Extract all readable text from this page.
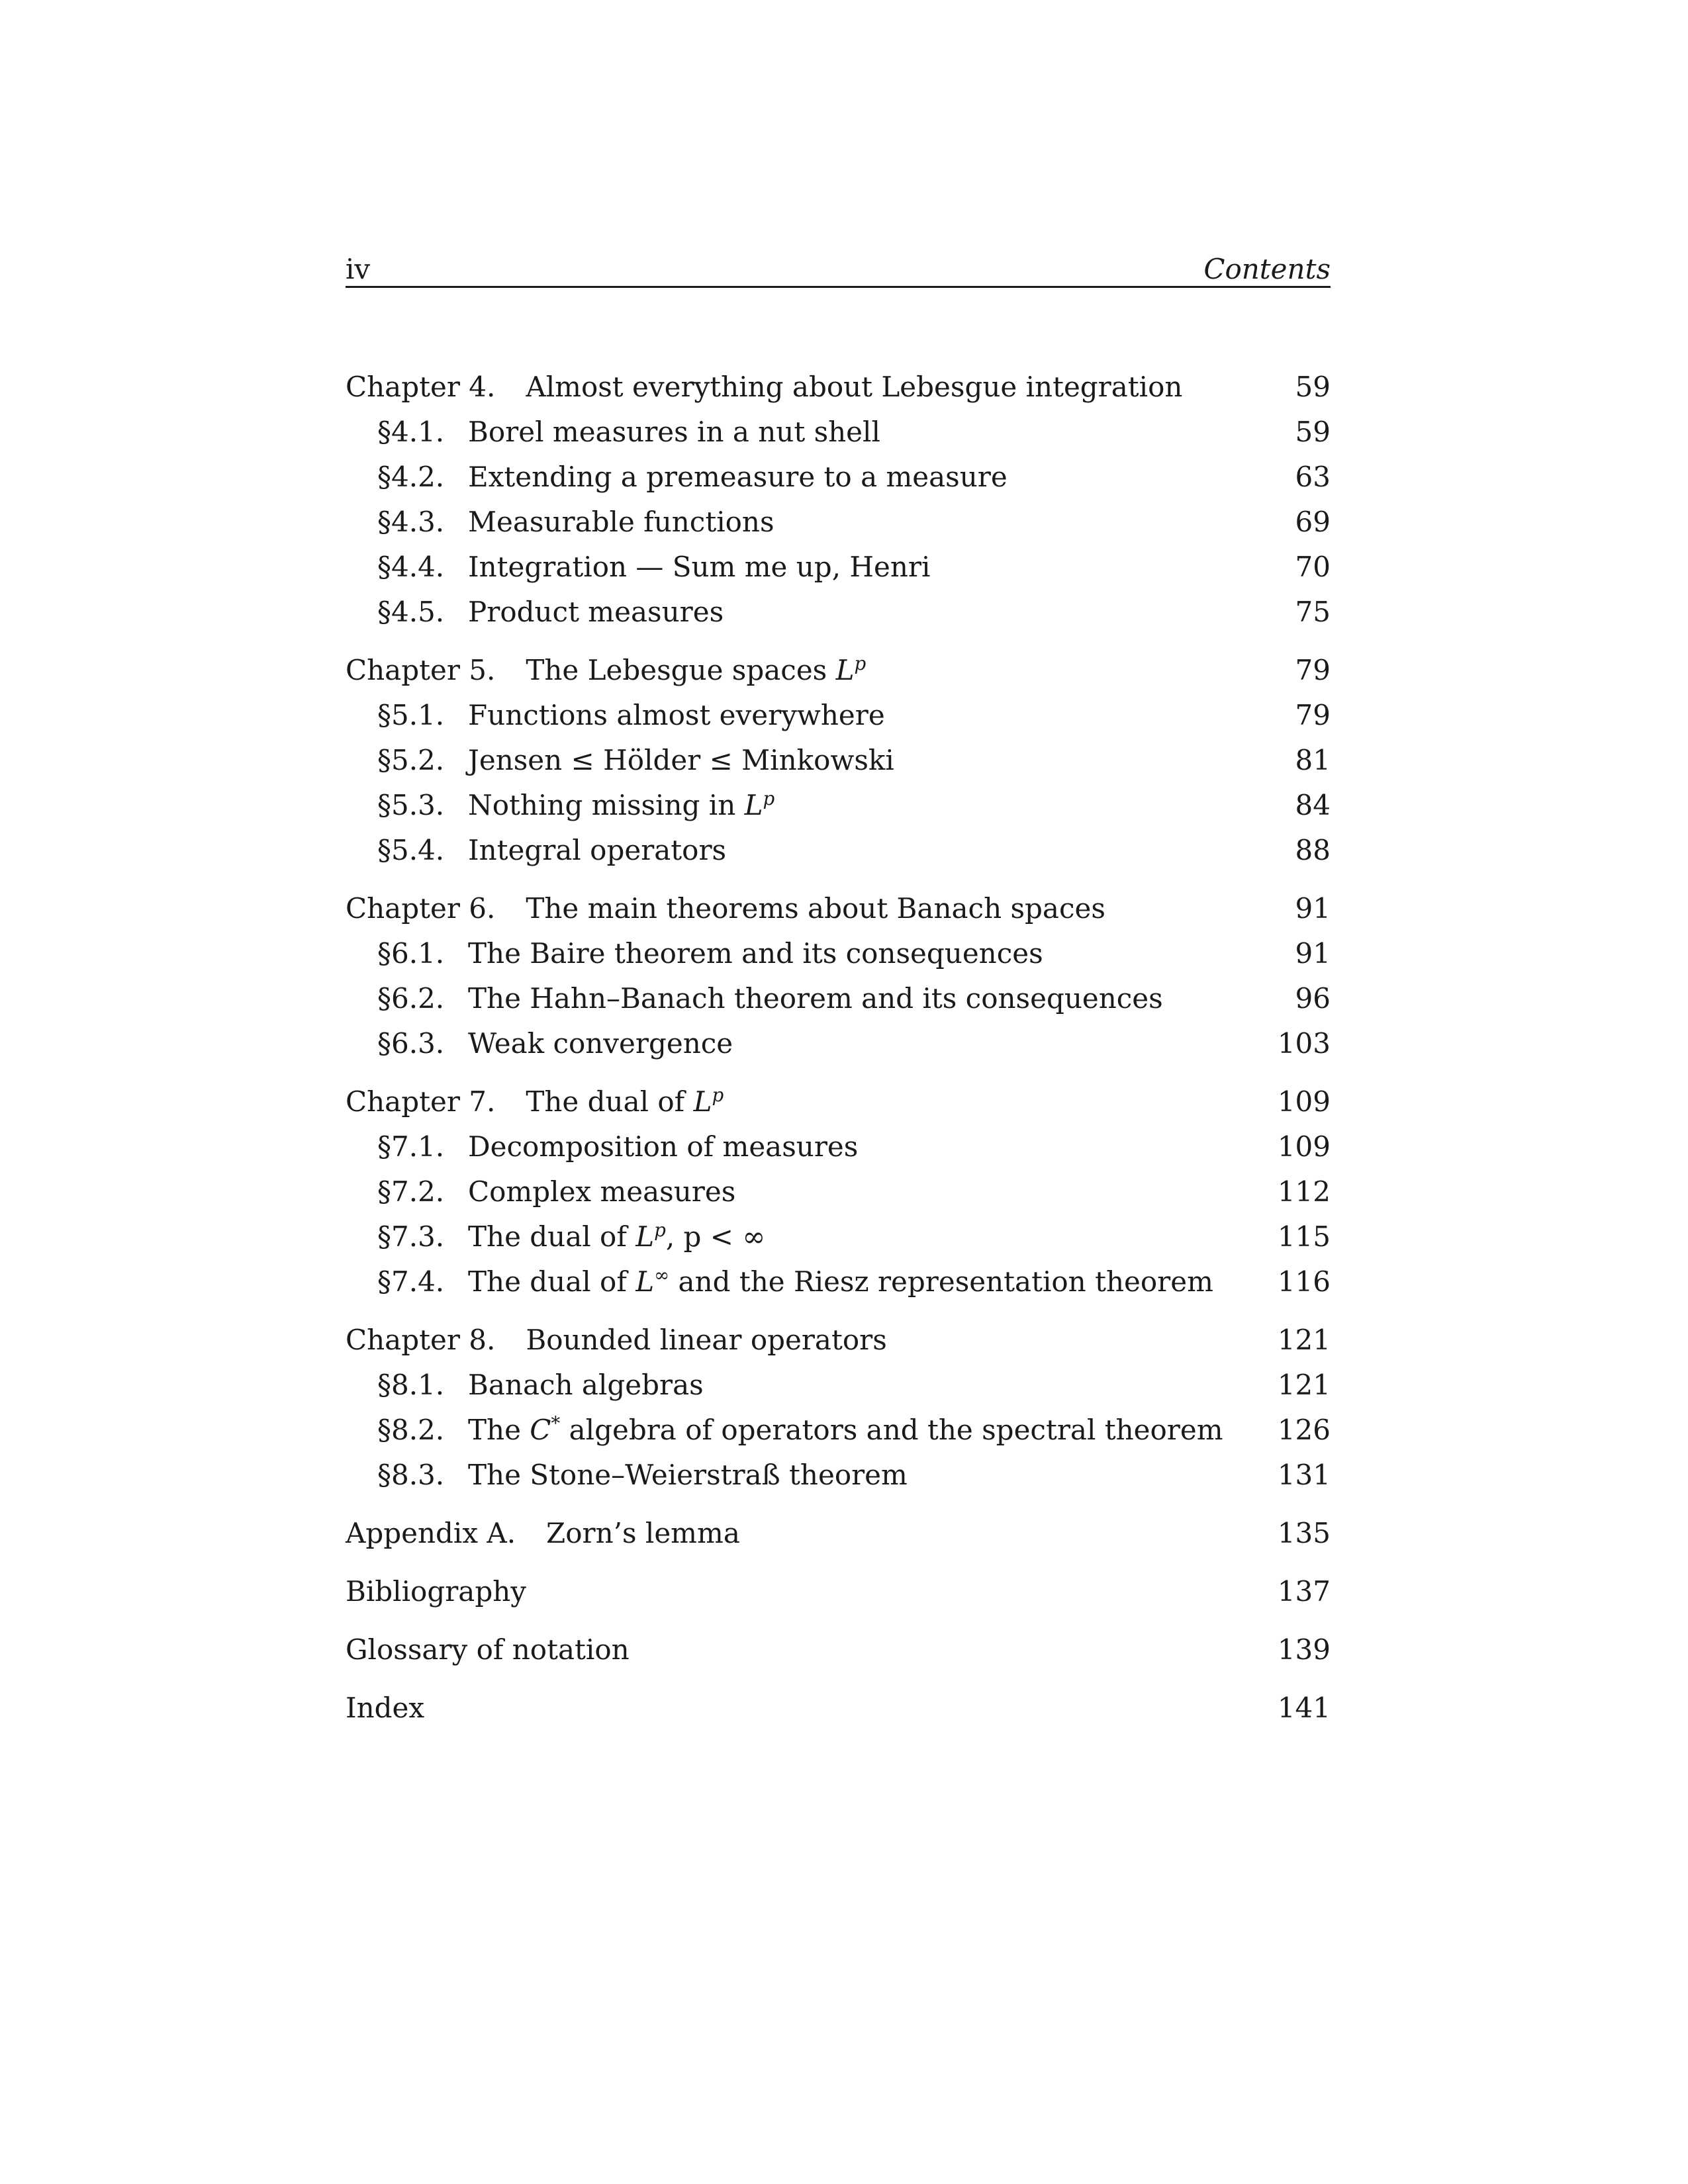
iv	Contents
Chapter 4. Almost everything about Lebesgue integration	59
§4.1. Borel measures in a nut shell	59
§4.2. Extending a premeasure to a measure	63
§4.3. Measurable functions	69
§4.4. Integration — Sum me up, Henri	70
§4.5. Product measures	75
Chapter 5. The Lebesgue spaces $L^p$	79
§5.1. Functions almost everywhere	79
§5.2. Jensen ≤ Hölder ≤ Minkowski	81
§5.3. Nothing missing in $L^p$	84
§5.4. Integral operators	88
Chapter 6. The main theorems about Banach spaces	91
§6.1. The Baire theorem and its consequences	91
§6.2. The Hahn–Banach theorem and its consequences	96
§6.3. Weak convergence	103
Chapter 7. The dual of $L^p$	109
§7.1. Decomposition of measures	109
§7.2. Complex measures	112
§7.3. The dual of $L^p$, p < ∞	115
§7.4. The dual of L∞ and the Riesz representation theorem 116
Chapter 8. Bounded linear operators	121
§8.1. Banach algebras	121
§8.2. The C* algebra of operators and the spectral theorem 126
§8.3. The Stone–Weierstraß theorem	131
Appendix A. Zorn’s lemma	135
Bibliography	137
Glossary of notation	139
Index	141
